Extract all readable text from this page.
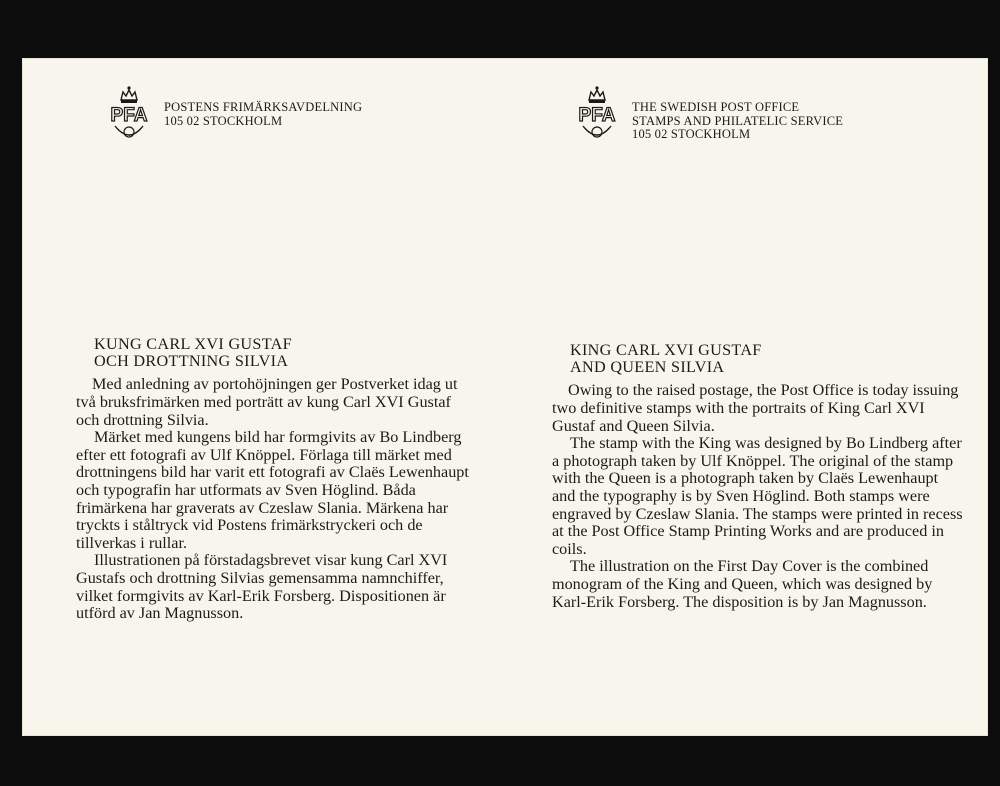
PFA POSTENS FRIMÄRKSAVDELNING
105 02 STOCKHOLM	PFA THE SWEDISH POST OFFICE
STAMPS AND PHILATELIC SERVICE
105 02 STOCKHOLM
KUNG CARL XVI GUSTAF
OCH DROTTNING SILVIA

Med anledning av portohöjningen ger Postverket idag ut två bruksfrimärken med porträtt av kung Carl XVI Gustaf och drottning Silvia.

Märket med kungens bild har formgivits av Bo Lindberg efter ett fotografi av Ulf Knöppel. Förlaga till märket med drottningens bild har varit ett fotografi av Claës Lewenhaupt och typografin har utformats av Sven Höglind. Båda frimärkena har graverats av Czeslaw Slania. Märkena har tryckts i ståltryck vid Postens frimärkstryckeri och de tillverkas i rullar.

Illustrationen på förstadagsbrevet visar kung Carl XVI Gustafs och drottning Silvias gemensamma namnchiffer, vilket formgivits av Karl-Erik Forsberg. Dispositionen är utförd av Jan Magnusson.

KING CARL XVI GUSTAF
AND QUEEN SILVIA

Owing to the raised postage, the Post Office is today issuing two definitive stamps with the portraits of King Carl XVI Gustaf and Queen Silvia.

The stamp with the King was designed by Bo Lindberg after a photograph taken by Ulf Knöppel. The original of the stamp with the Queen is a photograph taken by Claës Lewenhaupt and the typography is by Sven Höglind. Both stamps were engraved by Czeslaw Slania. The stamps were printed in recess at the Post Office Stamp Printing Works and are produced in coils.

The illustration on the First Day Cover is the combined monogram of the King and Queen, which was designed by Karl-Erik Forsberg. The disposition is by Jan Magnusson.
